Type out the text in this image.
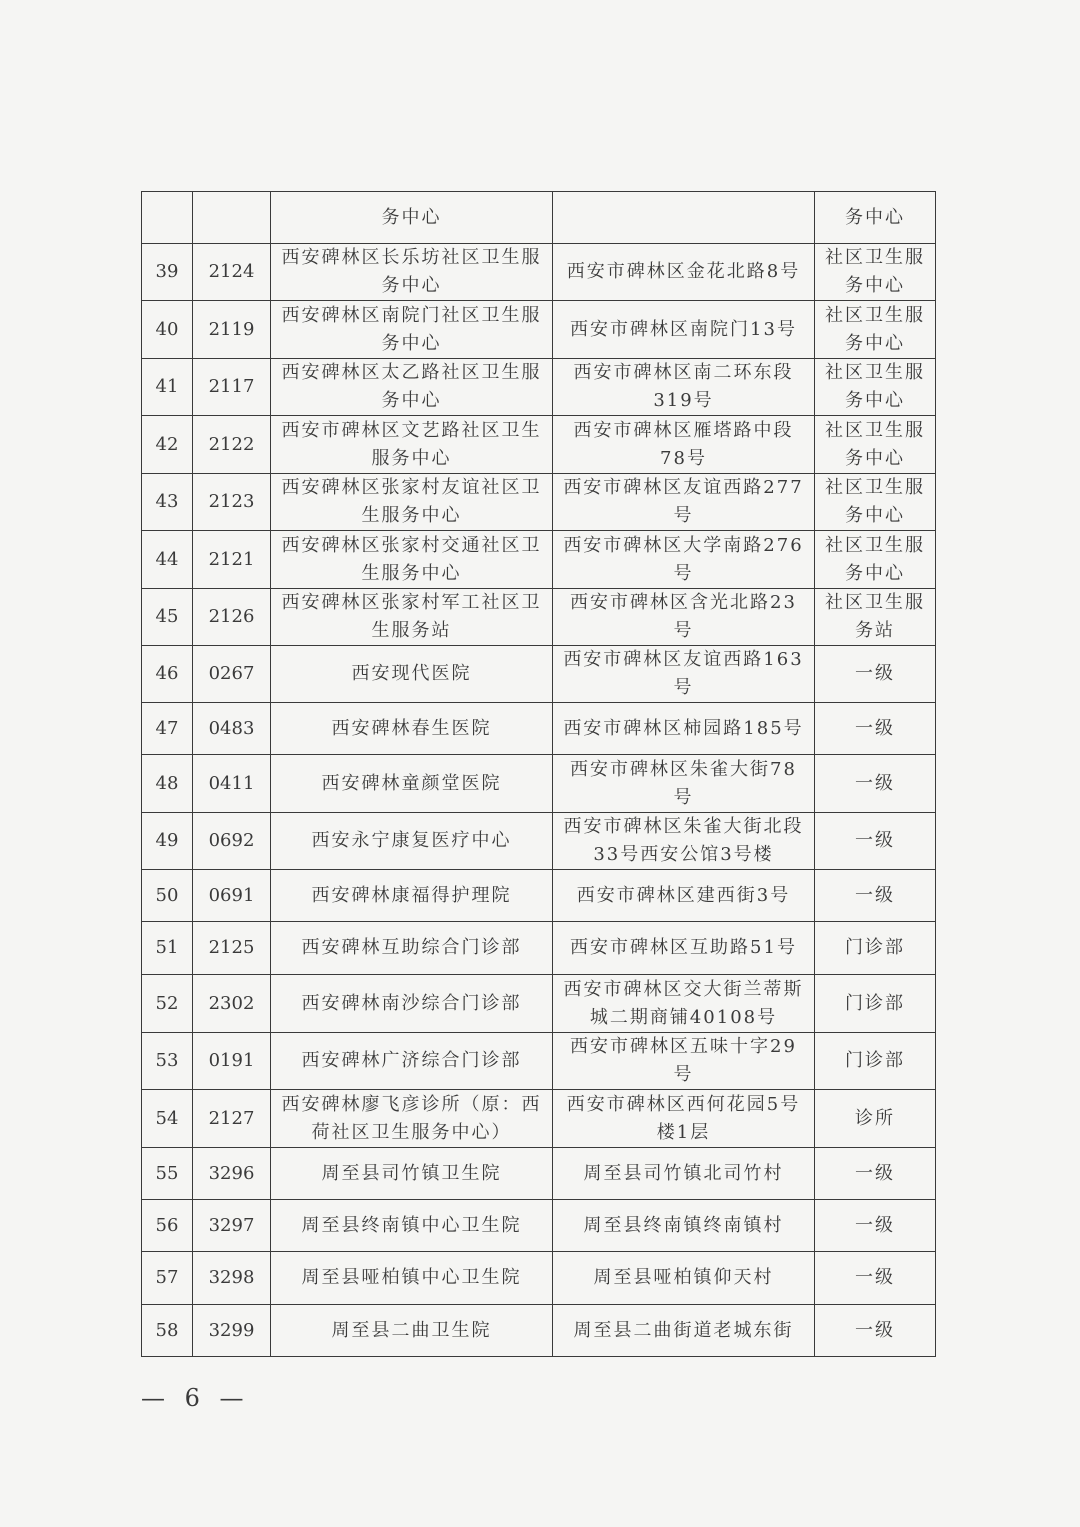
		务中心		务中心
39	2124	西安碑林区长乐坊社区卫生服务中心	西安市碑林区金花北路8号	社区卫生服务中心
40	2119	西安碑林区南院门社区卫生服务中心	西安市碑林区南院门13号	社区卫生服务中心
41	2117	西安碑林区太乙路社区卫生服务中心	西安市碑林区南二环东段319号	社区卫生服务中心
42	2122	西安市碑林区文艺路社区卫生服务中心	西安市碑林区雁塔路中段78号	社区卫生服务中心
43	2123	西安碑林区张家村友谊社区卫生服务中心	西安市碑林区友谊西路277号	社区卫生服务中心
44	2121	西安碑林区张家村交通社区卫生服务中心	西安市碑林区大学南路276号	社区卫生服务中心
45	2126	西安碑林区张家村军工社区卫生服务站	西安市碑林区含光北路23号	社区卫生服务站
46	0267	西安现代医院	西安市碑林区友谊西路163号	一级
47	0483	西安碑林春生医院	西安市碑林区柿园路185号	一级
48	0411	西安碑林童颜堂医院	西安市碑林区朱雀大街78号	一级
49	0692	西安永宁康复医疗中心	西安市碑林区朱雀大街北段33号西安公馆3号楼	一级
50	0691	西安碑林康福得护理院	西安市碑林区建西街3号	一级
51	2125	西安碑林互助综合门诊部	西安市碑林区互助路51号	门诊部
52	2302	西安碑林南沙综合门诊部	西安市碑林区交大街兰蒂斯城二期商铺40108号	门诊部
53	0191	西安碑林广济综合门诊部	西安市碑林区五味十字29号	门诊部
54	2127	西安碑林廖飞彦诊所（原：西荷社区卫生服务中心）	西安市碑林区西何花园5号楼1层	诊所
55	3296	周至县司竹镇卫生院	周至县司竹镇北司竹村	一级
56	3297	周至县终南镇中心卫生院	周至县终南镇终南镇村	一级
57	3298	周至县哑柏镇中心卫生院	周至县哑柏镇仰天村	一级
58	3299	周至县二曲卫生院	周至县二曲街道老城东街	一级
— 6 —
